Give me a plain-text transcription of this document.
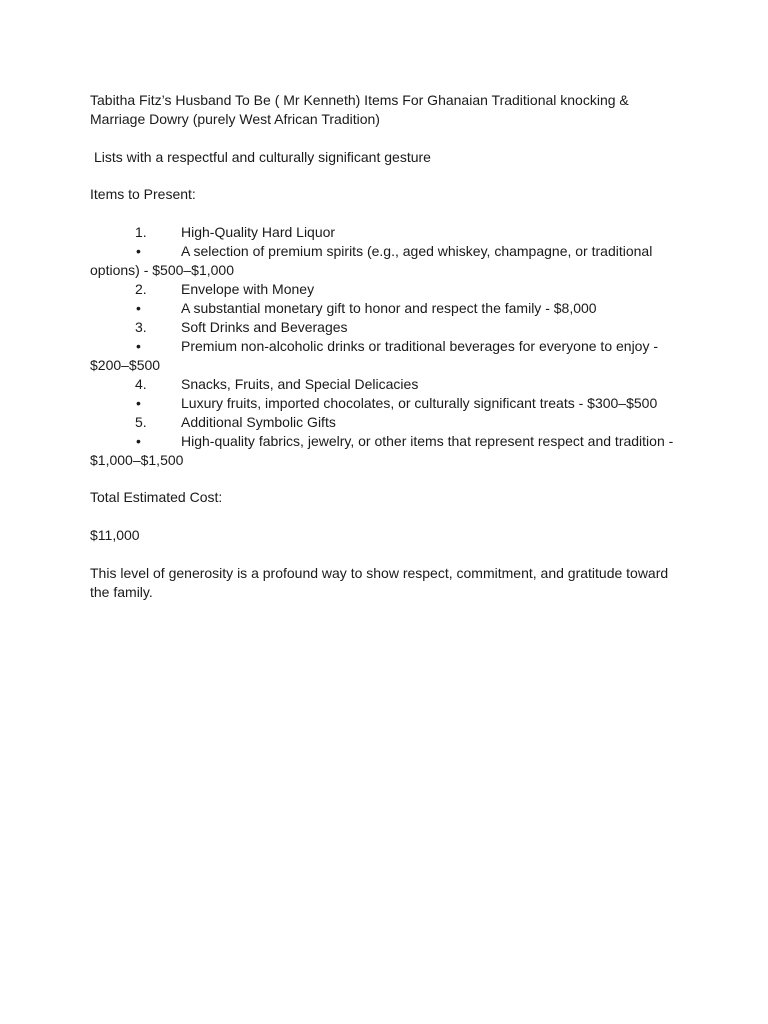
Tabitha Fitz’s Husband To Be ( Mr Kenneth) Items For Ghanaian Traditional knocking & Marriage Dowry (purely West African Tradition)

Lists with a respectful and culturally significant gesture

Items to Present:

1. High-Quality Hard Liquor
•	A selection of premium spirits (e.g., aged whiskey, champagne, or traditional
options) - $500–$1,000
2. Envelope with Money
•	A substantial monetary gift to honor and respect the family - $8,000
3. Soft Drinks and Beverages
•	Premium non-alcoholic drinks or traditional beverages for everyone to enjoy -
$200–$500
4. Snacks, Fruits, and Special Delicacies
•	Luxury fruits, imported chocolates, or culturally significant treats - $300–$500
5. Additional Symbolic Gifts
•	High-quality fabrics, jewelry, or other items that represent respect and tradition -
$1,000–$1,500

Total Estimated Cost:

$11,000

This level of generosity is a profound way to show respect, commitment, and gratitude toward the family.
